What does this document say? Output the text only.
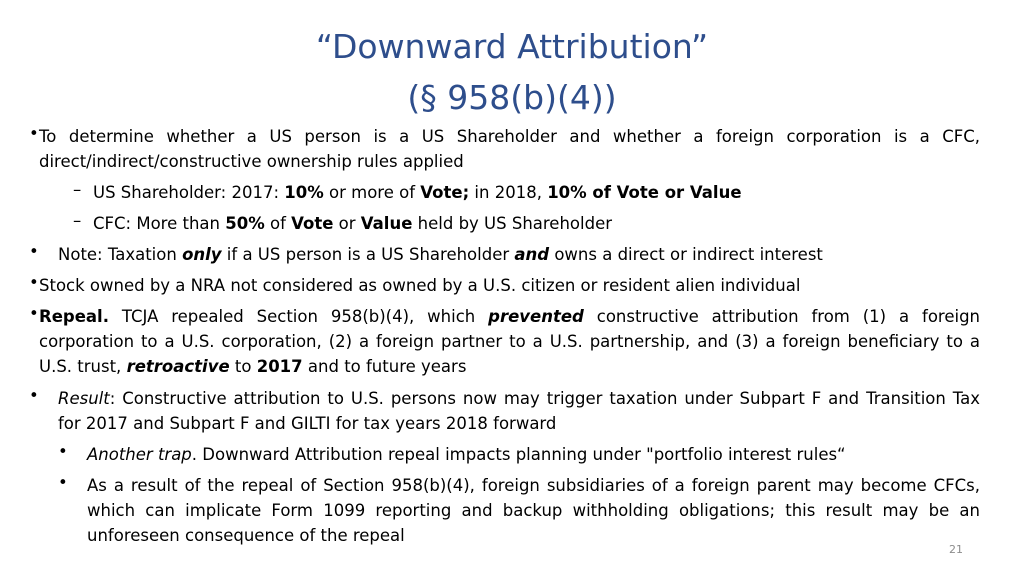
“Downward Attribution”
(§ 958(b)(4))
• To determine whether a US person is a US Shareholder and whether a foreign corporation is a CFC, direct/indirect/constructive ownership rules applied
– US Shareholder: 2017: 10% or more of Vote; in 2018, 10% of Vote or Value
– CFC: More than 50% of Vote or Value held by US Shareholder
• Note: Taxation only if a US person is a US Shareholder and owns a direct or indirect interest
• Stock owned by a NRA not considered as owned by a U.S. citizen or resident alien individual
• Repeal. TCJA repealed Section 958(b)(4), which prevented constructive attribution from (1) a foreign corporation to a U.S. corporation, (2) a foreign partner to a U.S. partnership, and (3) a foreign beneficiary to a U.S. trust, retroactive to 2017 and to future years
• Result: Constructive attribution to U.S. persons now may trigger taxation under Subpart F and Transition Tax for 2017 and Subpart F and GILTI for tax years 2018 forward
• Another trap. Downward Attribution repeal impacts planning under "portfolio interest rules“
• As a result of the repeal of Section 958(b)(4), foreign subsidiaries of a foreign parent may become CFCs, which can implicate Form 1099 reporting and backup withholding obligations; this result may be an unforeseen consequence of the repeal
21
